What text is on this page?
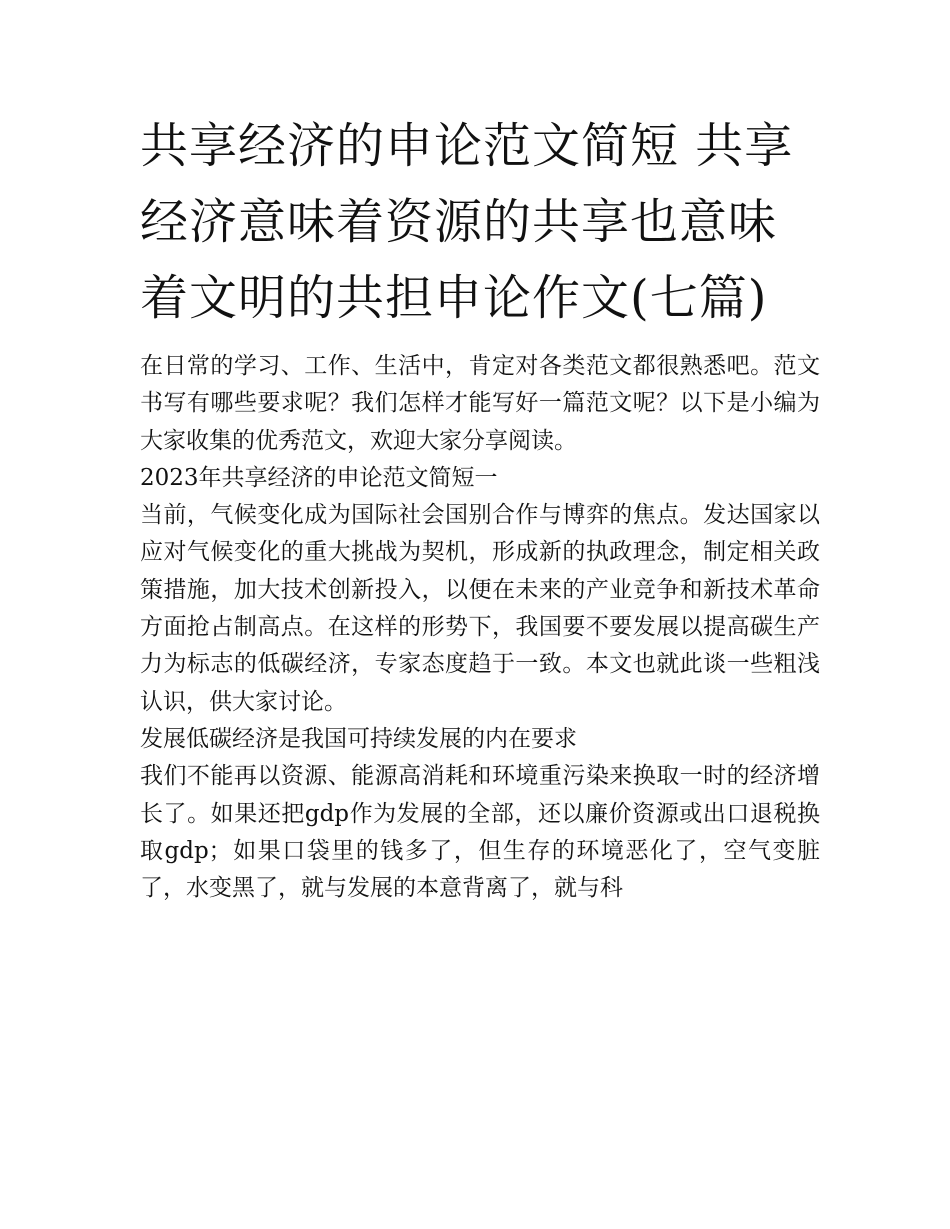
共享经济的申论范文简短 共享经济意味着资源的共享也意味着文明的共担申论作文(七篇)

在日常的学习、工作、生活中，肯定对各类范文都很熟悉吧。范文书写有哪些要求呢？我们怎样才能写好一篇范文呢？以下是小编为大家收集的优秀范文，欢迎大家分享阅读。

2023年共享经济的申论范文简短一

当前，气候变化成为国际社会国别合作与博弈的焦点。发达国家以应对气候变化的重大挑战为契机，形成新的执政理念，制定相关政策措施，加大技术创新投入，以便在未来的产业竞争和新技术革命方面抢占制高点。在这样的形势下，我国要不要发展以提高碳生产力为标志的低碳经济，专家态度趋于一致。本文也就此谈一些粗浅认识，供大家讨论。

发展低碳经济是我国可持续发展的内在要求

我们不能再以资源、能源高消耗和环境重污染来换取一时的经济增长了。如果还把gdp作为发展的全部，还以廉价资源或出口退税换取gdp；如果口袋里的钱多了，但生存的环境恶化了，空气变脏了，水变黑了，就与发展的本意背离了，就与科
